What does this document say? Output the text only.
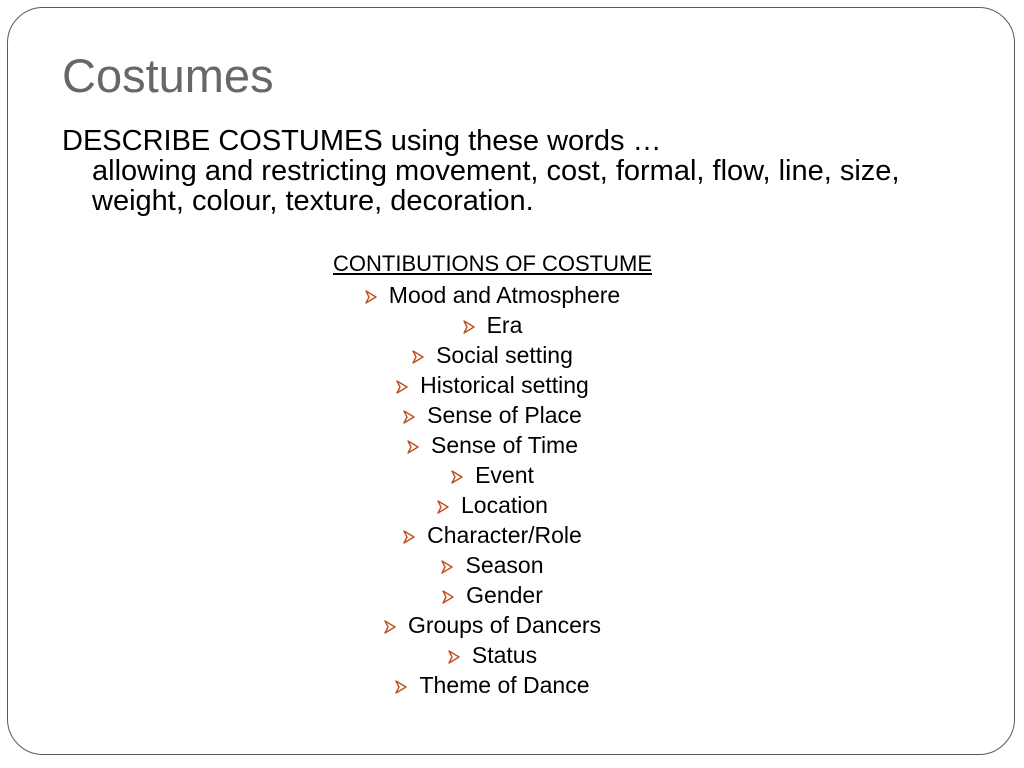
Costumes
DESCRIBE COSTUMES using these words …
allowing and restricting movement, cost, formal, flow, line, size, weight, colour, texture, decoration.
CONTIBUTIONS OF COSTUME
Mood and Atmosphere
Era
Social setting
Historical setting
Sense of Place
Sense of Time
Event
Location
Character/Role
Season
Gender
Groups of Dancers
Status
Theme of Dance
